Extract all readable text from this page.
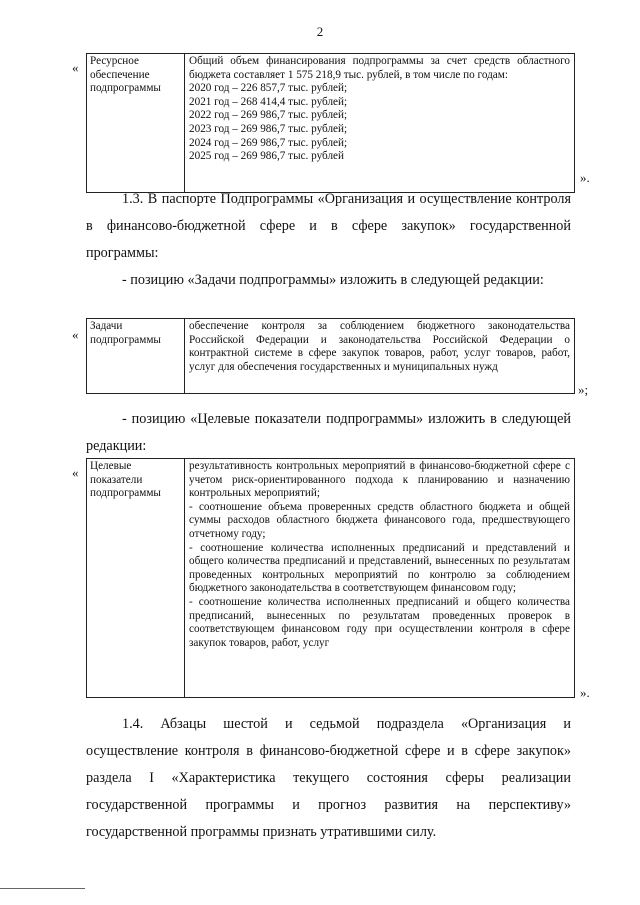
2
« Ресурсное обеспечение подпрограммы
Общий объем финансирования подпрограммы за счет средств областного бюджета составляет 1 575 218,9 тыс. рублей, в том числе по годам:
2020 год – 226 857,7 тыс. рублей;
2021 год – 268 414,4 тыс. рублей;
2022 год – 269 986,7 тыс. рублей;
2023 год – 269 986,7 тыс. рублей;
2024 год – 269 986,7 тыс. рублей;
2025 год – 269 986,7 тыс. рублей
».
1.3. В паспорте Подпрограммы «Организация и осуществление контроля в финансово-бюджетной сфере и в сфере закупок» государственной программы:
- позицию «Задачи подпрограммы» изложить в следующей редакции:
«
Задачи подпрограммы
обеспечение контроля за соблюдением бюджетного законодательства Российской Федерации и законодательства Российской Федерации о контрактной системе в сфере закупок товаров, работ, услуг товаров, работ, услуг для обеспечения государственных и муниципальных нужд
»;
- позицию «Целевые показатели подпрограммы» изложить в следующей редакции:
« Целевые показатели подпрограммы
результативность контрольных мероприятий в финансово-бюджетной сфере с учетом риск-ориентированного подхода к планированию и назначению контрольных мероприятий;
- соотношение объема проверенных средств областного бюджета и общей суммы расходов областного бюджета финансового года, предшествующего отчетному году;
- соотношение количества исполненных предписаний и представлений и общего количества предписаний и представлений, вынесенных по результатам проведенных контрольных мероприятий по контролю за соблюдением бюджетного законодательства в соответствующем финансовом году;
- соотношение количества исполненных предписаний и общего количества предписаний, вынесенных по результатам проведенных проверок в соответствующем финансовом году при осуществлении контроля в сфере закупок товаров, работ, услуг
».
1.4. Абзацы шестой и седьмой подраздела «Организация и осуществление контроля в финансово-бюджетной сфере и в сфере закупок» раздела I «Характеристика текущего состояния сферы реализации государственной программы и прогноз развития на перспективу» государственной программы признать утратившими силу.
